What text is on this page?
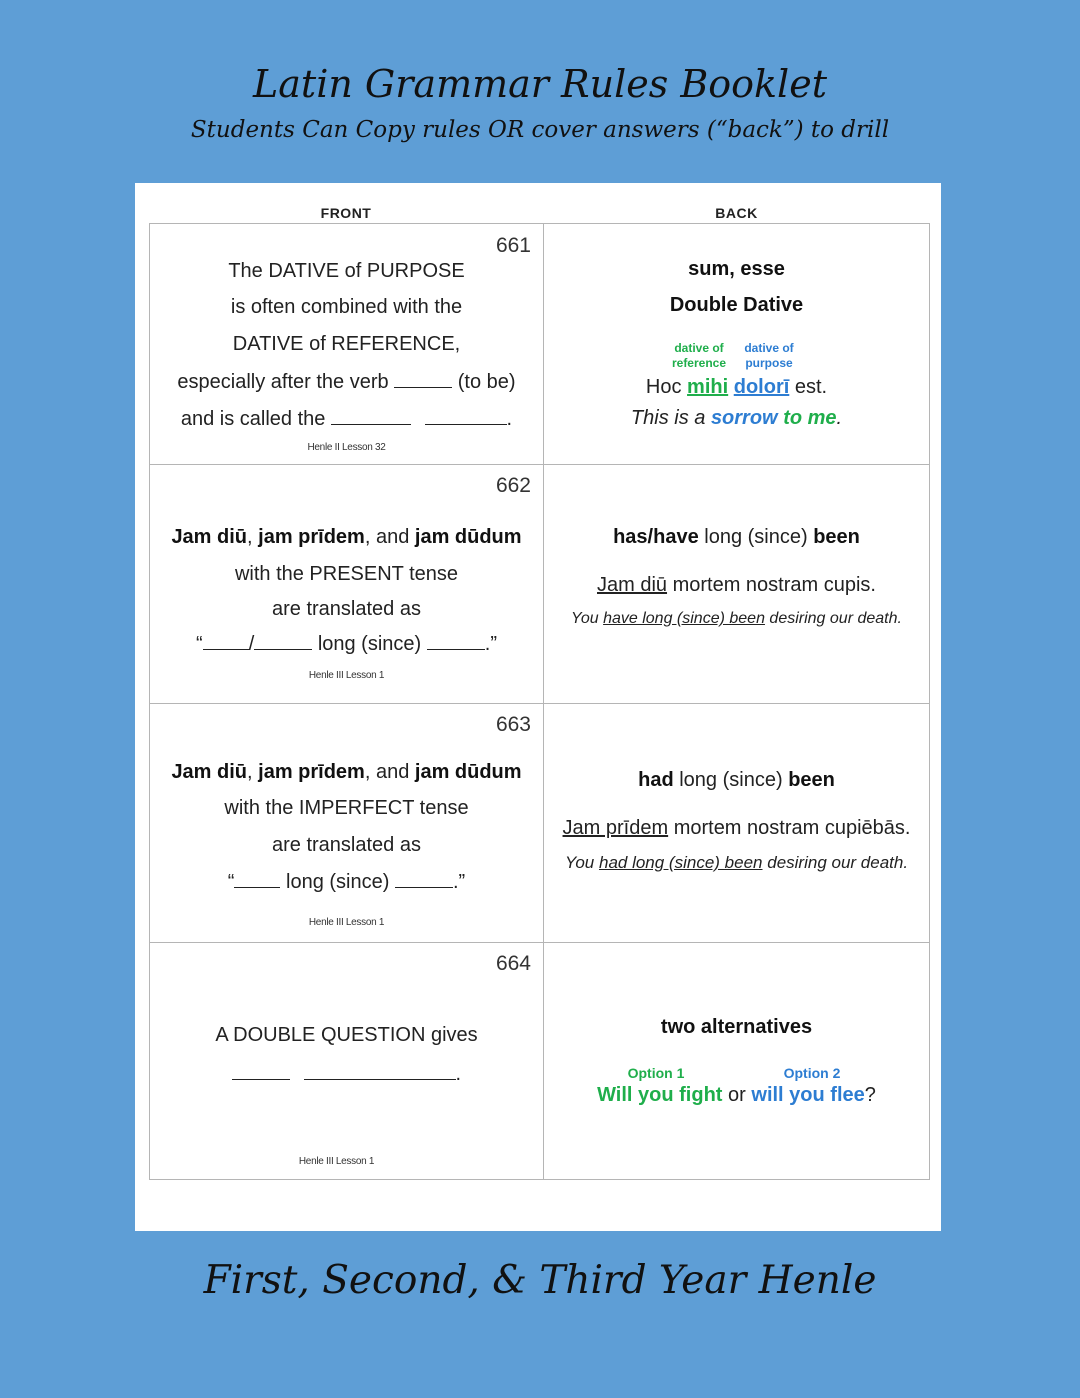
Latin Grammar Rules Booklet
Students Can Copy rules OR cover answers (“back”) to drill
FRONT	BACK
661
The DATIVE of PURPOSE
is often combined with the
DATIVE of REFERENCE,
especially after the verb	(to be)
and is called the	.
Henle II Lesson 32
sum, esse
Double Dative
dative of
reference
dative of
purpose
Hoc mihi dolorī est.
This is a sorrow to me.
662
Jam diū, jam prīdem, and jam dūdum
with the PRESENT tense
are translated as
“ /	long (since)	.”
Henle III Lesson 1
has/have long (since) been
Jam diū mortem nostram cupis.
You have long (since) been desiring our death.
663
Jam diū, jam prīdem, and jam dūdum
with the IMPERFECT tense
are translated as
“	long (since)	.”
Henle III Lesson 1
had long (since) been
Jam prīdem mortem nostram cupiēbās.
You had long (since) been desiring our death.
664
A DOUBLE QUESTION gives
.
Henle III Lesson 1
two alternatives
Option 1	Option 2
Will you fight or will you flee?
First, Second, & Third Year Henle
